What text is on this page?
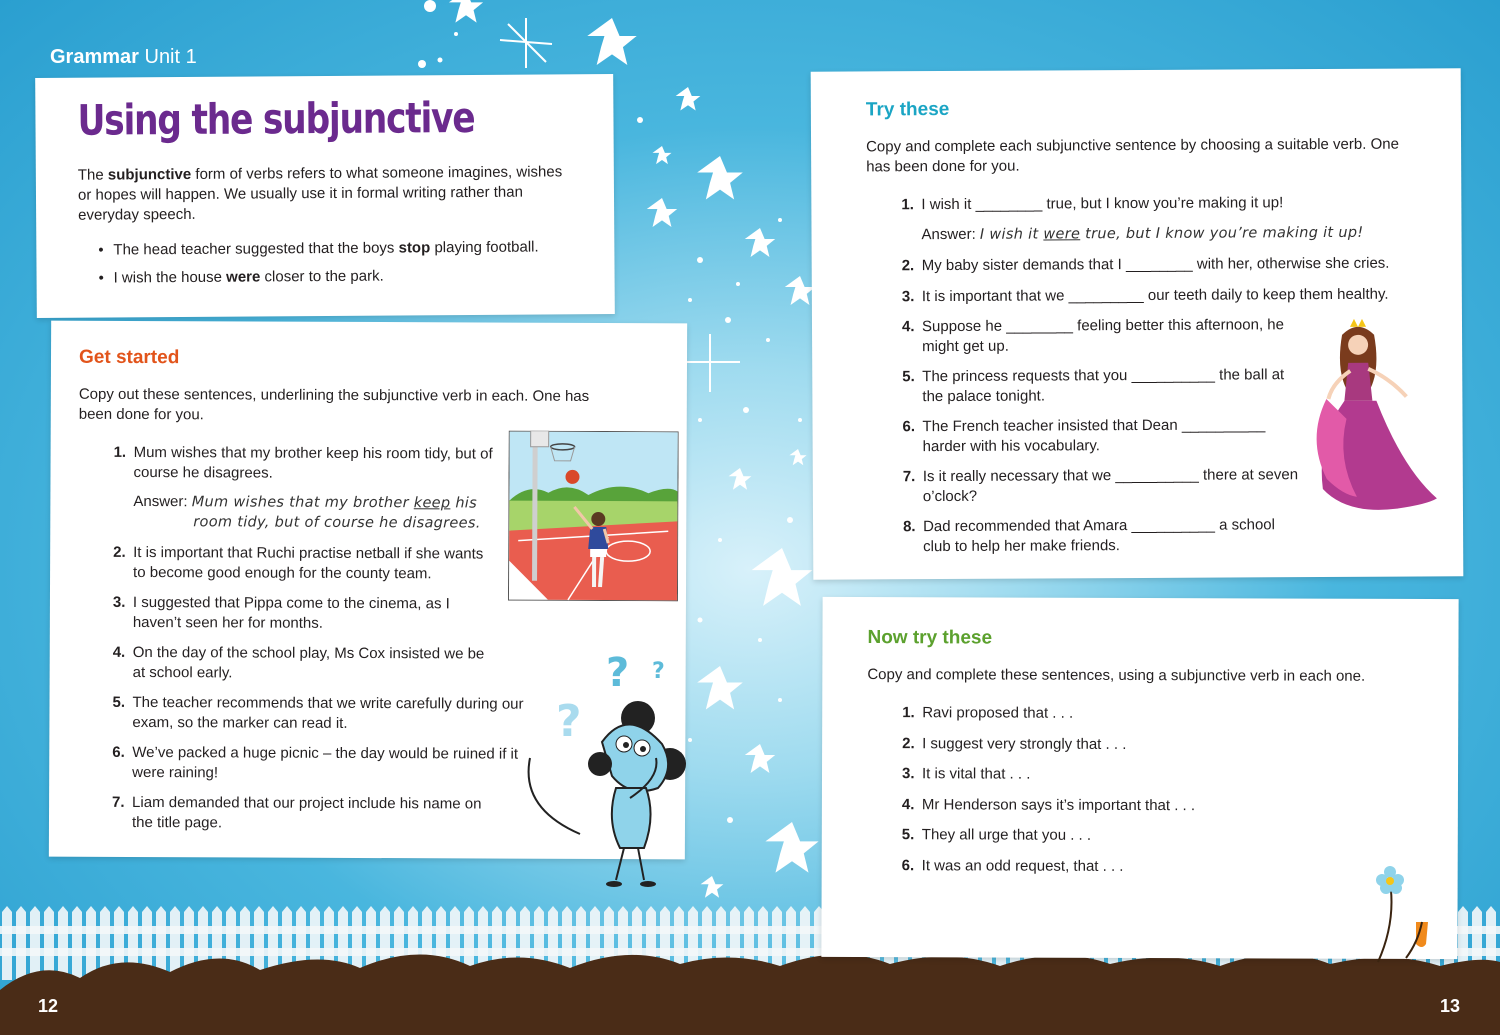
Grammar Unit 1
Using the subjunctive
The subjunctive form of verbs refers to what someone imagines, wishes or hopes will happen. We usually use it in formal writing rather than everyday speech.
• The head teacher suggested that the boys stop playing football.
• I wish the house were closer to the park.
Get started
Copy out these sentences, underlining the subjunctive verb in each. One has been done for you.
1. Mum wishes that my brother keep his room tidy, but of course he disagrees.
Answer: Mum wishes that my brother keep his
room tidy, but of course he disagrees.
2. It is important that Ruchi practise netball if she wants to become good enough for the county team.
3. I suggested that Pippa come to the cinema, as I haven’t seen her for months.
4. On the day of the school play, Ms Cox insisted we be at school early.
5. The teacher recommends that we write carefully during our exam, so the marker can read it.
6. We’ve packed a huge picnic – the day would be ruined if it were raining!
7. Liam demanded that our project include his name on the title page.
? ?
?
Try these
Copy and complete each subjunctive sentence by choosing a suitable verb. One has been done for you.
1. I wish it ________ true, but I know you’re making it up!
Answer: I wish it were true, but I know you’re making it up!
2. My baby sister demands that I ________ with her, otherwise she cries.
3. It is important that we _________ our teeth daily to keep them healthy.
4. Suppose he ________ feeling better this afternoon, he might get up.
5. The princess requests that you __________ the ball at the palace tonight.
6. The French teacher insisted that Dean __________ harder with his vocabulary.
7. Is it really necessary that we __________ there at seven o’clock?
8. Dad recommended that Amara __________ a school club to help her make friends.
Now try these
Copy and complete these sentences, using a subjunctive verb in each one.
1. Ravi proposed that . . .
2. I suggest very strongly that . . .
3. It is vital that . . .
4. Mr Henderson says it’s important that . . .
5. They all urge that you . . .
6. It was an odd request, that . . .
12	13
